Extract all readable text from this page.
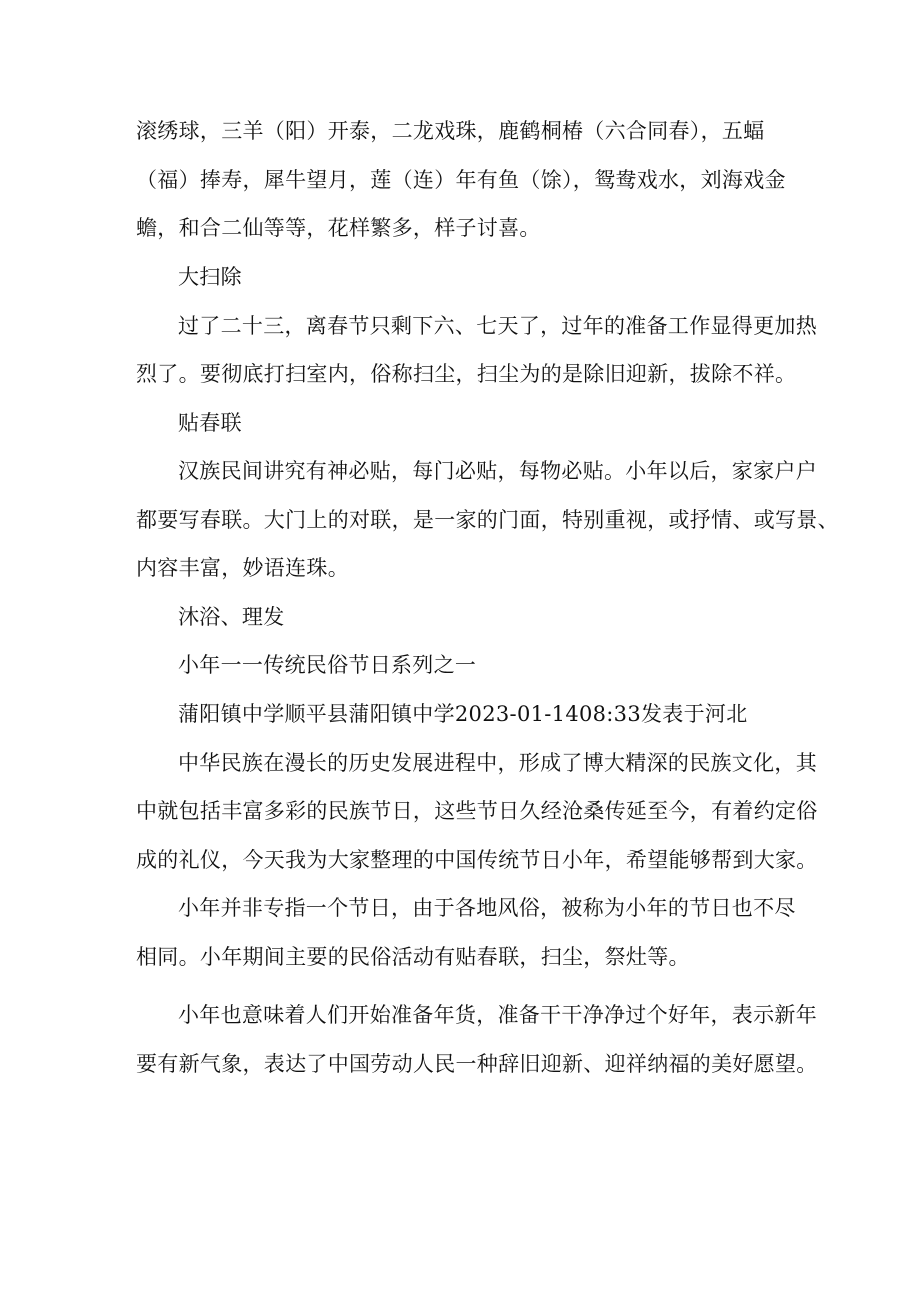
滚绣球，三羊（阳）开泰，二龙戏珠，鹿鹤桐椿（六合同春），五蝠
（福）捧寿，犀牛望月，莲（连）年有鱼（馀），鸳鸯戏水，刘海戏金
蟾，和合二仙等等，花样繁多，样子讨喜。
大扫除
过了二十三，离春节只剩下六、七天了，过年的准备工作显得更加热
烈了。要彻底打扫室内，俗称扫尘，扫尘为的是除旧迎新，拔除不祥。
贴春联
汉族民间讲究有神必贴，每门必贴，每物必贴。小年以后，家家户户
都要写春联。大门上的对联，是一家的门面，特别重视，或抒情、或写景、
内容丰富，妙语连珠。
沐浴、理发
小年一一传统民俗节日系列之一
蒲阳镇中学顺平县蒲阳镇中学2023-01-1408:33发表于河北
中华民族在漫长的历史发展进程中，形成了博大精深的民族文化，其
中就包括丰富多彩的民族节日，这些节日久经沧桑传延至今，有着约定俗
成的礼仪，今天我为大家整理的中国传统节日小年，希望能够帮到大家。
小年并非专指一个节日，由于各地风俗，被称为小年的节日也不尽
相同。小年期间主要的民俗活动有贴春联，扫尘，祭灶等。
小年也意味着人们开始准备年货，准备干干净净过个好年，表示新年
要有新气象，表达了中国劳动人民一种辞旧迎新、迎祥纳福的美好愿望。
